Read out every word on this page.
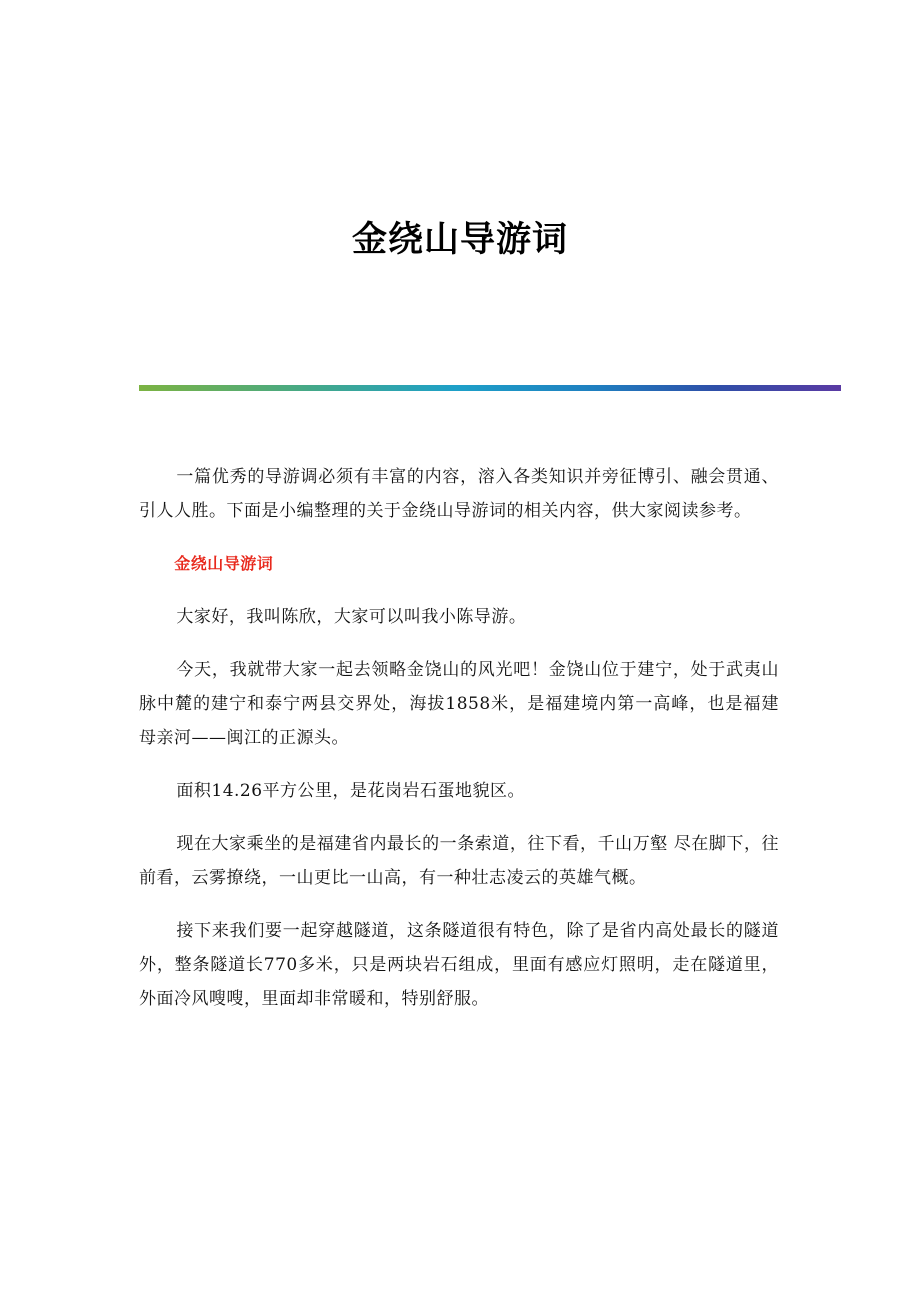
金绕山导游词

一篇优秀的导游调必须有丰富的内容，溶入各类知识并旁征博引、融会贯通、引人人胜。下面是小编整理的关于金绕山导游词的相关内容，供大家阅读参考。

金绕山导游词

大家好，我叫陈欣，大家可以叫我小陈导游。

今天，我就带大家一起去领略金饶山的风光吧！金饶山位于建宁，处于武夷山脉中麓的建宁和泰宁两县交界处，海拔1858米，是福建境内第一高峰，也是福建母亲河——闽江的正源头。

面积14.26平方公里，是花岗岩石蛋地貌区。

现在大家乘坐的是福建省内最长的一条索道，往下看，千山万壑 尽在脚下，往前看，云雾撩绕，一山更比一山高，有一种壮志凌云的英雄气概。

接下来我们要一起穿越隧道，这条隧道很有特色，除了是省内高处最长的隧道外，整条隧道长770多米，只是两块岩石组成，里面有感应灯照明，走在隧道里，外面冷风嗖嗖，里面却非常暖和，特别舒服。
